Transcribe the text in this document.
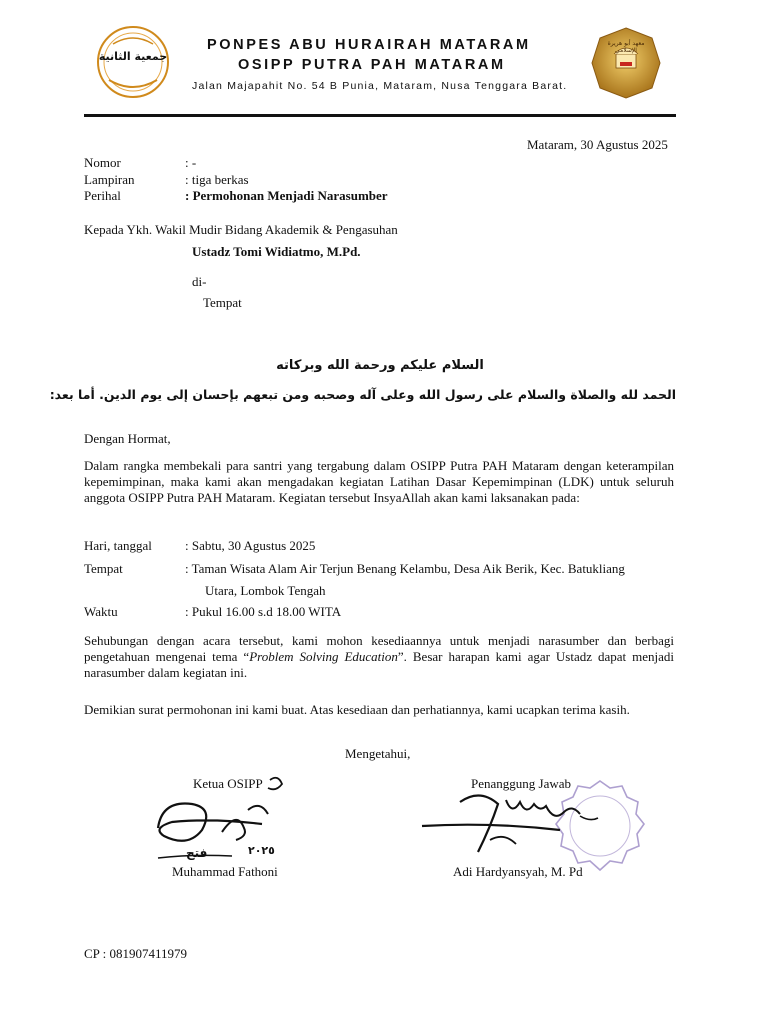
جمعية الثانية
PONPES ABU HURAIRAH MATARAM
OSIPP PUTRA PAH MATARAM
Jalan Majapahit No. 54 B Punia, Mataram, Nusa Tenggara Barat.
معهد أبو هريرة الإسلامي
Mataram, 30 Agustus 2025
Nomor	: -
Lampiran	: tiga berkas
Perihal	: Permohonan Menjadi Narasumber
Kepada Ykh. Wakil Mudir Bidang Akademik & Pengasuhan
Ustadz Tomi Widiatmo, M.Pd.
di-
Tempat
السلام عليكم ورحمة الله وبركاته
الحمد لله والصلاة والسلام على رسول الله وعلى آله وصحبه ومن تبعهم بإحسان إلى يوم الدين. أما بعد:
Dengan Hormat,
Dalam rangka membekali para santri yang tergabung dalam OSIPP Putra PAH Mataram dengan keterampilan kepemimpinan, maka kami akan mengadakan kegiatan Latihan Dasar Kepemimpinan (LDK) untuk seluruh anggota OSIPP Putra PAH Mataram. Kegiatan tersebut InsyaAllah akan kami laksanakan pada:
Hari, tanggal	: Sabtu, 30 Agustus 2025
Tempat	: Taman Wisata Alam Air Terjun Benang Kelambu, Desa Aik Berik, Kec. Batukliang
Utara, Lombok Tengah
Waktu	: Pukul 16.00 s.d 18.00 WITA
Sehubungan dengan acara tersebut, kami mohon kesediaannya untuk menjadi narasumber dan berbagi pengetahuan mengenai tema “Problem Solving Education”. Besar harapan kami agar Ustadz dapat menjadi narasumber dalam kegiatan ini.
Demikian surat permohonan ini kami buat. Atas kesediaan dan perhatiannya, kami ucapkan terima kasih.
Mengetahui,
Ketua OSIPP	Penanggung Jawab
فتح	٢٠٢٥
Muhammad Fathoni	Adi Hardyansyah, M. Pd
CP : 081907411979
